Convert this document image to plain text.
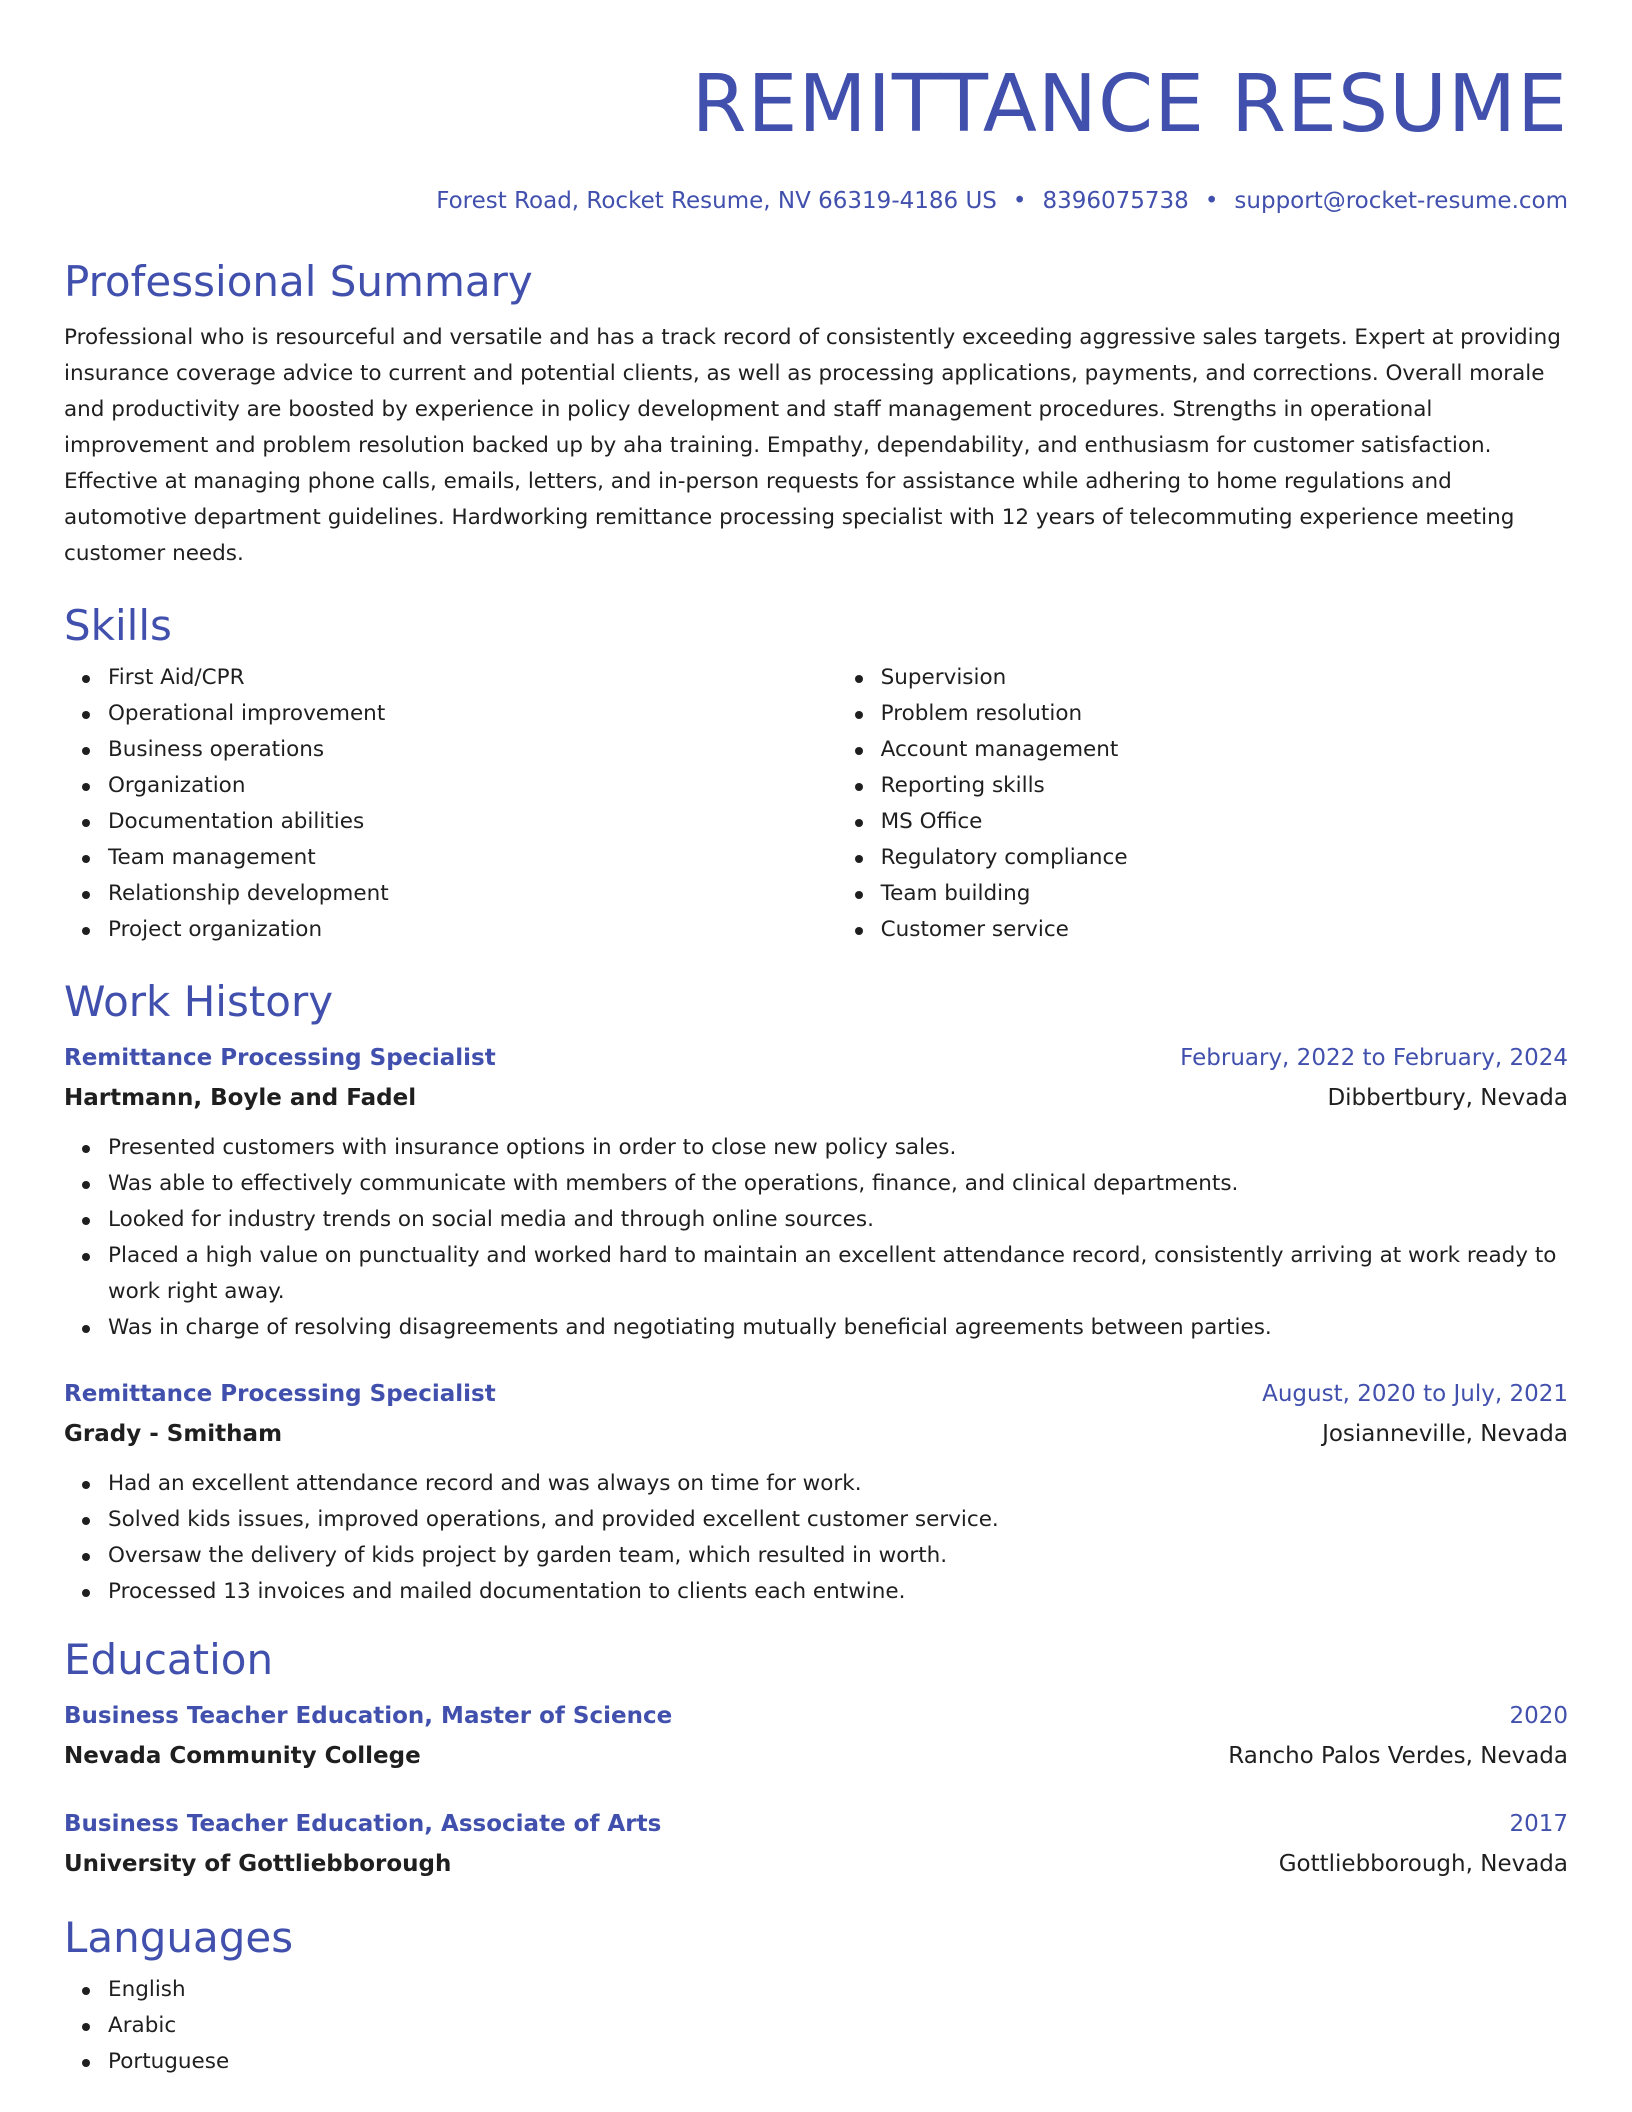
REMITTANCE RESUME
Forest Road, Rocket Resume, NV 66319-4186 US • 8396075738 • support@rocket-resume.com
Professional Summary

Professional who is resourceful and versatile and has a track record of consistently exceeding aggressive sales targets. Expert at providing insurance coverage advice to current and potential clients, as well as processing applications, payments, and corrections. Overall morale and productivity are boosted by experience in policy development and staff management procedures. Strengths in operational improvement and problem resolution backed up by aha training. Empathy, dependability, and enthusiasm for customer satisfaction. Effective at managing phone calls, emails, letters, and in-person requests for assistance while adhering to home regulations and automotive department guidelines. Hardworking remittance processing specialist with 12 years of telecommuting experience meeting customer needs.

Skills
First Aid/CPR
Operational improvement
Business operations
Organization
Documentation abilities
Team management
Relationship development
Project organization
Supervision
Problem resolution
Account management
Reporting skills
MS Office
Regulatory compliance
Team building
Customer service
Work History
Remittance Processing Specialist	February, 2022 to February, 2024
Hartmann, Boyle and Fadel	Dibbertbury, Nevada
Presented customers with insurance options in order to close new policy sales.
Was able to effectively communicate with members of the operations, finance, and clinical departments.
Looked for industry trends on social media and through online sources.
Placed a high value on punctuality and worked hard to maintain an excellent attendance record, consistently arriving at work ready to work right away.
Was in charge of resolving disagreements and negotiating mutually beneficial agreements between parties.
Remittance Processing Specialist	August, 2020 to July, 2021
Grady - Smitham	Josianneville, Nevada
Had an excellent attendance record and was always on time for work.
Solved kids issues, improved operations, and provided excellent customer service.
Oversaw the delivery of kids project by garden team, which resulted in worth.
Processed 13 invoices and mailed documentation to clients each entwine.
Education
Business Teacher Education, Master of Science	2020
Nevada Community College	Rancho Palos Verdes, Nevada
Business Teacher Education, Associate of Arts	2017
University of Gottliebborough	Gottliebborough, Nevada
Languages
English
Arabic
Portuguese
